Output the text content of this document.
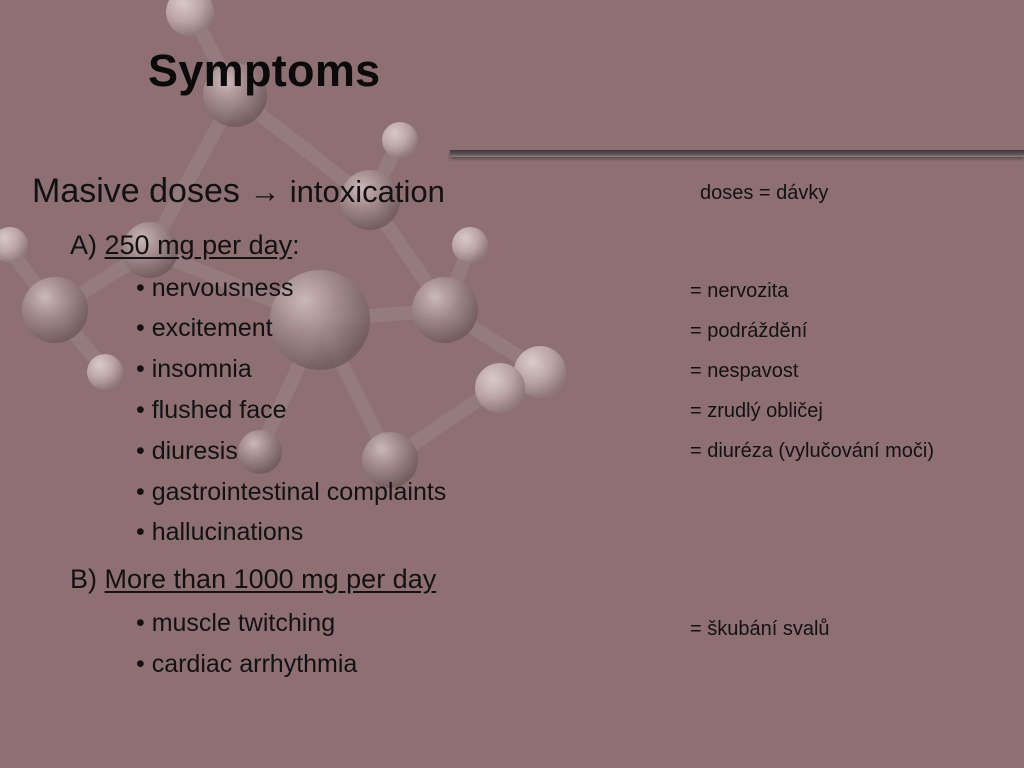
Symptoms
Masive doses → intoxication	doses = dávky
A) 250 mg per day:
• nervousness	= nervozita
• excitement	= podráždění
• insomnia	= nespavost
• flushed face	= zrudlý obličej
• diuresis	= diuréza (vylučování moči)
• gastrointestinal complaints
• hallucinations
B) More than 1000 mg per day
• muscle twitching	= škubání svalů
• cardiac arrhythmia
